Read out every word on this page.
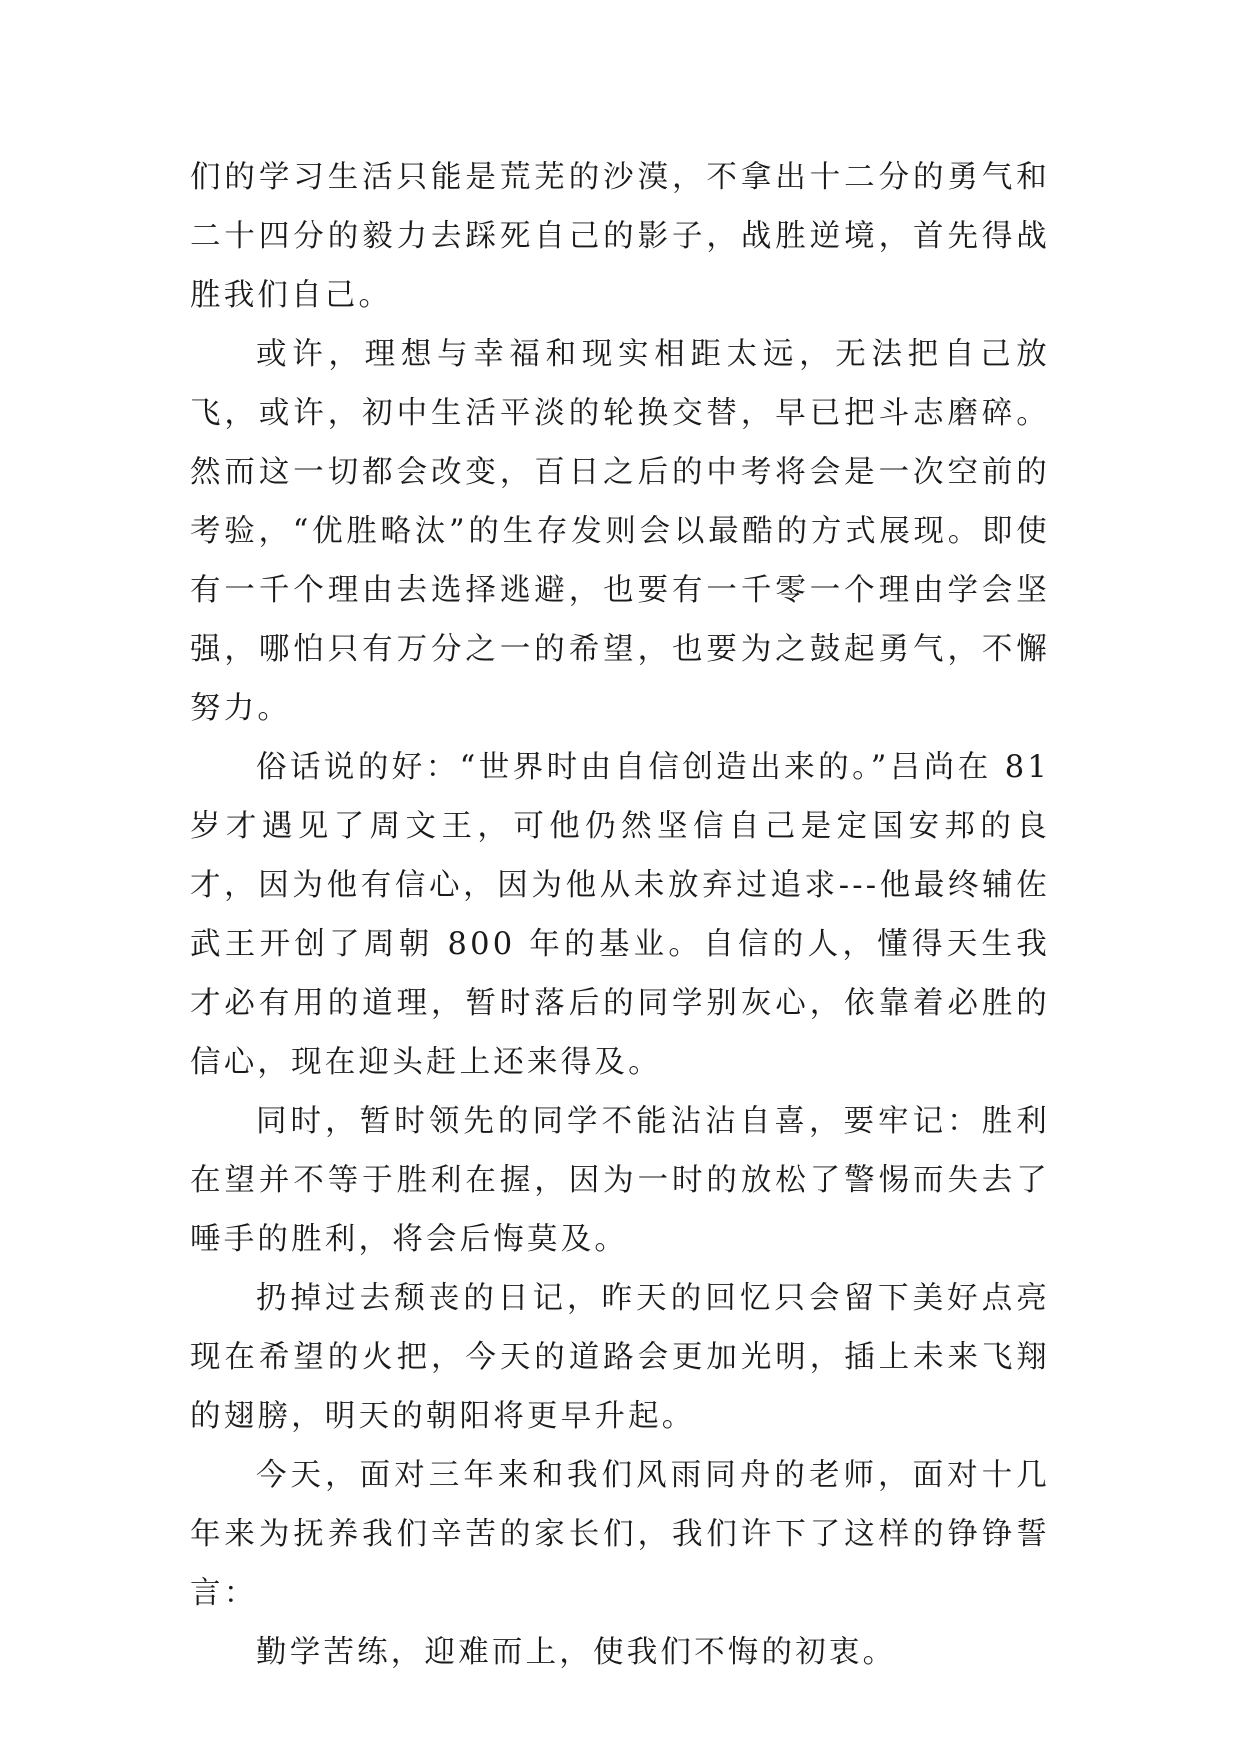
们的学习生活只能是荒芜的沙漠，不拿出十二分的勇气和二十四分的毅力去踩死自己的影子，战胜逆境，首先得战胜我们自己。

或许，理想与幸福和现实相距太远，无法把自己放飞，或许，初中生活平淡的轮换交替，早已把斗志磨碎。然而这一切都会改变，百日之后的中考将会是一次空前的考验，“优胜略汰”的生存发则会以最酷的方式展现。即使有一千个理由去选择逃避，也要有一千零一个理由学会坚强，哪怕只有万分之一的希望，也要为之鼓起勇气，不懈努力。

俗话说的好：“世界时由自信创造出来的。”吕尚在 81 岁才遇见了周文王，可他仍然坚信自己是定国安邦的良才，因为他有信心，因为他从未放弃过追求---他最终辅佐武王开创了周朝 800 年的基业。自信的人，懂得天生我才必有用的道理，暂时落后的同学别灰心，依靠着必胜的信心，现在迎头赶上还来得及。

同时，暂时领先的同学不能沾沾自喜，要牢记：胜利在望并不等于胜利在握，因为一时的放松了警惕而失去了唾手的胜利，将会后悔莫及。

扔掉过去颓丧的日记，昨天的回忆只会留下美好点亮现在希望的火把，今天的道路会更加光明，插上未来飞翔的翅膀，明天的朝阳将更早升起。

今天，面对三年来和我们风雨同舟的老师，面对十几年来为抚养我们辛苦的家长们，我们许下了这样的铮铮誓言：

勤学苦练，迎难而上，使我们不悔的初衷。
